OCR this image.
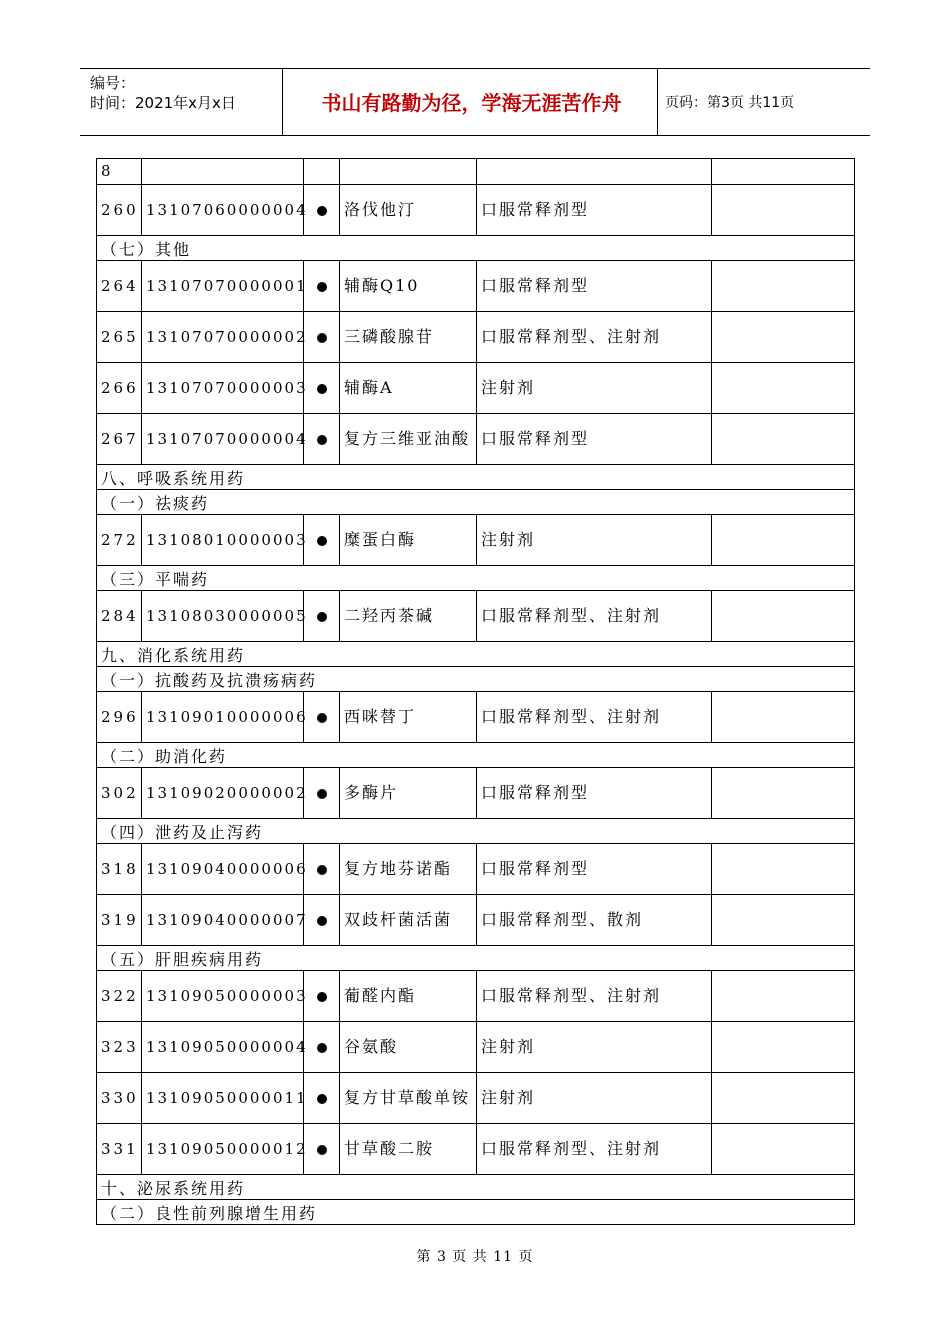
编号：
时间：2021年x月x日	书山有路勤为径，学海无涯苦作舟	页码：第3页 共11页
8					
260	13107060000004		洛伐他汀	口服常释剂型	
（七）其他					
264	13107070000001		辅酶Q10	口服常释剂型	
265	13107070000002		三磷酸腺苷	口服常释剂型、注射剂	
266	13107070000003		辅酶A	注射剂	
267	13107070000004		复方三维亚油酸	口服常释剂型	
八、呼吸系统用药					
（一）祛痰药					
272	13108010000003		糜蛋白酶	注射剂	
（三）平喘药					
284	13108030000005		二羟丙茶碱	口服常释剂型、注射剂	
九、消化系统用药					
（一）抗酸药及抗溃疡病药					
296	13109010000006		西咪替丁	口服常释剂型、注射剂	
（二）助消化药					
302	13109020000002		多酶片	口服常释剂型	
（四）泄药及止泻药					
318	13109040000006		复方地芬诺酯	口服常释剂型	
319	13109040000007		双歧杆菌活菌	口服常释剂型、散剂	
（五）肝胆疾病用药					
322	13109050000003		葡醛内酯	口服常释剂型、注射剂	
323	13109050000004		谷氨酸	注射剂	
330	13109050000011		复方甘草酸单铵	注射剂	
331	13109050000012		甘草酸二胺	口服常释剂型、注射剂	
十、泌尿系统用药					
（二）良性前列腺增生用药					
第 3 页 共 11 页
